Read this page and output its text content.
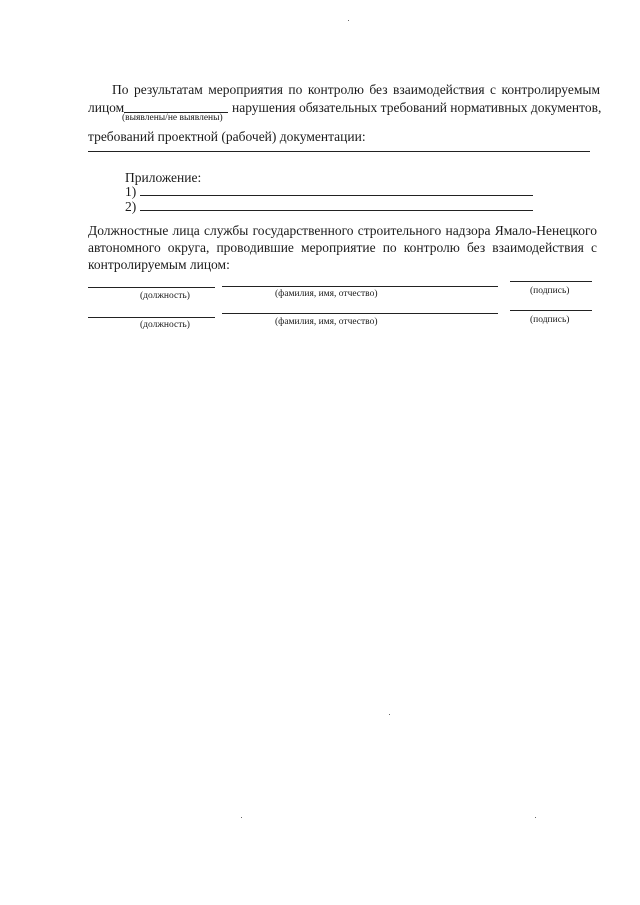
По результатам мероприятия по контролю без взаимодействия с контролируемым
лицом	нарушения обязательных требований нормативных документов,
(выявлены/не выявлены)
требований проектной (рабочей) документации:
Приложение:
1)
2)
Должностные лица службы государственного строительного надзора Ямало-Ненецкого
автономного округа, проводившие мероприятие по контролю без взаимодействия с
контролируемым лицом:
(должность)	(фамилия, имя, отчество)	(подпись)
(должность)	(фамилия, имя, отчество)	(подпись)
